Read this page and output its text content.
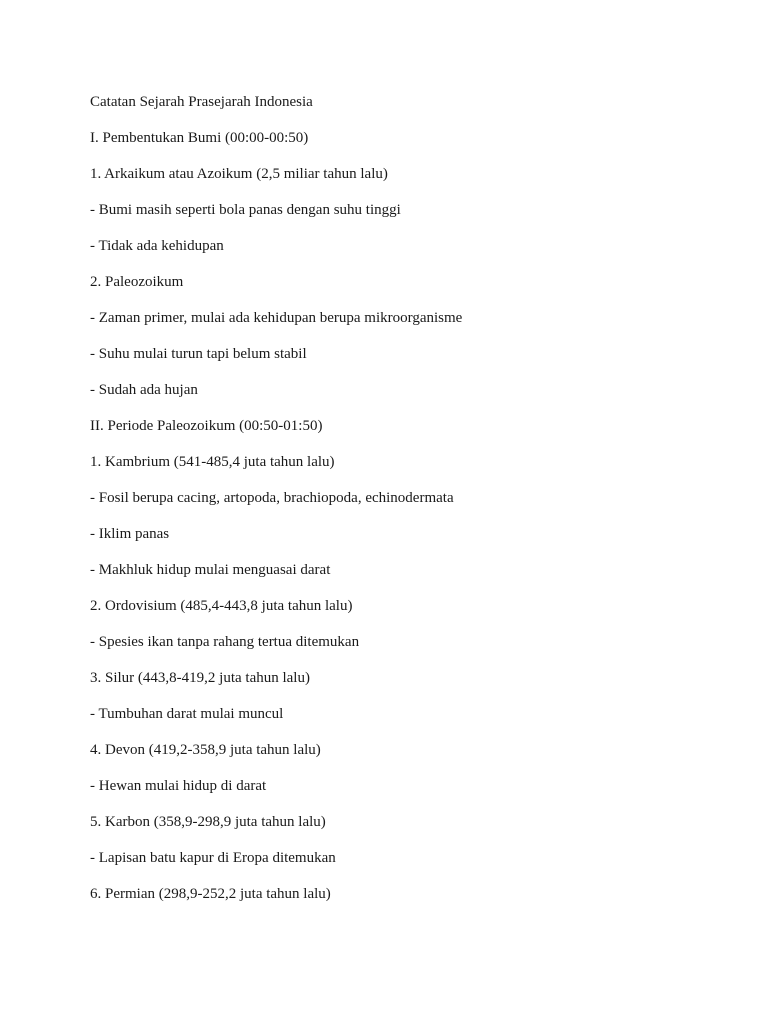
Catatan Sejarah Prasejarah Indonesia
I. Pembentukan Bumi (00:00-00:50)
1. Arkaikum atau Azoikum (2,5 miliar tahun lalu)
- Bumi masih seperti bola panas dengan suhu tinggi
- Tidak ada kehidupan
2. Paleozoikum
- Zaman primer, mulai ada kehidupan berupa mikroorganisme
- Suhu mulai turun tapi belum stabil
- Sudah ada hujan
II. Periode Paleozoikum (00:50-01:50)
1. Kambrium (541-485,4 juta tahun lalu)
- Fosil berupa cacing, artopoda, brachiopoda, echinodermata
- Iklim panas
- Makhluk hidup mulai menguasai darat
2. Ordovisium (485,4-443,8 juta tahun lalu)
- Spesies ikan tanpa rahang tertua ditemukan
3. Silur (443,8-419,2 juta tahun lalu)
- Tumbuhan darat mulai muncul
4. Devon (419,2-358,9 juta tahun lalu)
- Hewan mulai hidup di darat
5. Karbon (358,9-298,9 juta tahun lalu)
- Lapisan batu kapur di Eropa ditemukan
6. Permian (298,9-252,2 juta tahun lalu)
